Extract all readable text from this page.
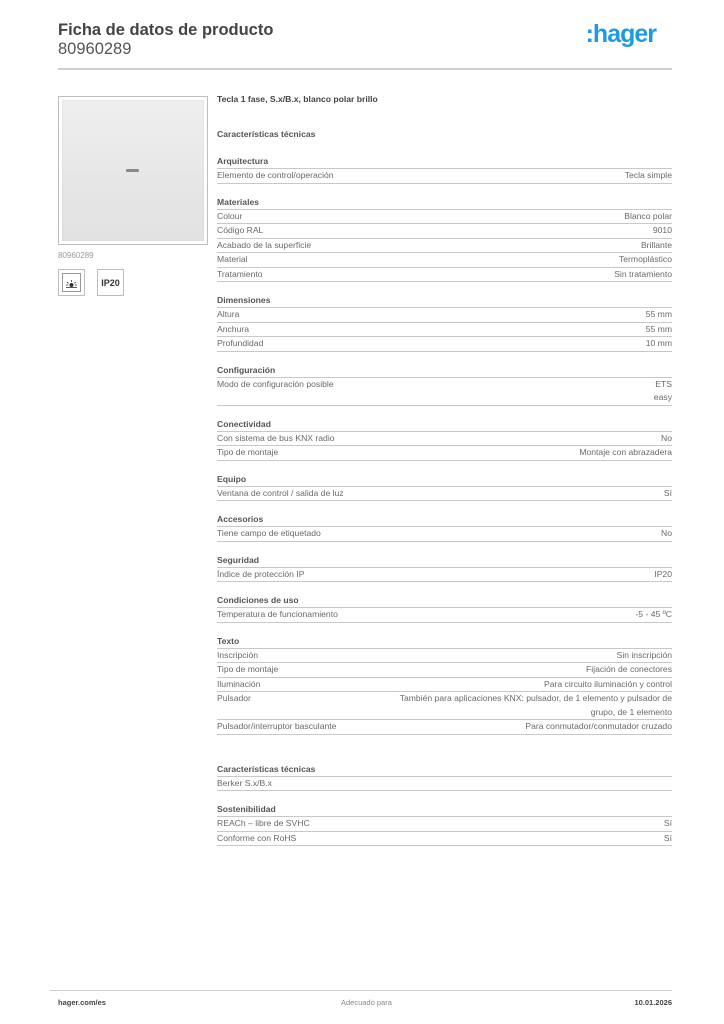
Ficha de datos de producto
80960289
:hager
80960289
IP20
Tecla 1 fase, S.x/B.x, blanco polar brillo
Características técnicas
Arquitectura
Elemento de control/operación	Tecla simple
Materiales
Colour	Blanco polar
Código RAL	9010
Acabado de la superficie	Brillante
Material	Termoplástico
Tratamiento	Sin tratamiento
Dimensiones
Altura	55 mm
Anchura	55 mm
Profundidad	10 mm
Configuración
Modo de configuración posible	ETS
easy
Conectividad
Con sistema de bus KNX radio	No
Tipo de montaje	Montaje con abrazadera
Equipo
Ventana de control / salida de luz	Sí
Accesorios
Tiene campo de etiquetado	No
Seguridad
Índice de protección IP	IP20
Condiciones de uso
Temperatura de funcionamiento	-5 - 45 ºC
Texto
Inscripción	Sin inscripción
Tipo de montaje	Fijación de conectores
Iluminación	Para circuito iluminación y control
Pulsador	También para aplicaciones KNX: pulsador, de 1 elemento y pulsador de
grupo, de 1 elemento
Pulsador/interruptor basculante	Para conmutador/conmutador cruzado
Características técnicas
Berker S.x/B.x
Sostenibilidad
REACh – libre de SVHC	Sí
Conforme con RoHS	Sí
hager.com/es	Adecuado para	10.01.2026
